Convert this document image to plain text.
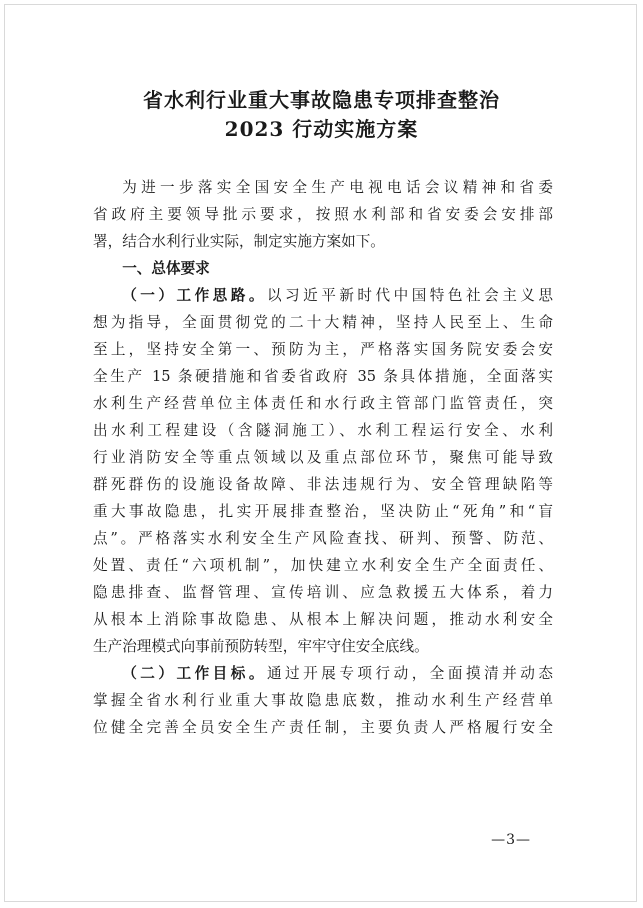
省水利行业重大事故隐患专项排查整治
2023 行动实施方案
为进一步落实全国安全生产电视电话会议精神和省委
省政府主要领导批示要求，按照水利部和省安委会安排部
署，结合水利行业实际，制定实施方案如下。
一、总体要求
（一）工作思路。以习近平新时代中国特色社会主义思
想为指导，全面贯彻党的二十大精神，坚持人民至上、生命
至上，坚持安全第一、预防为主，严格落实国务院安委会安
全生产 15 条硬措施和省委省政府 35 条具体措施，全面落实
水利生产经营单位主体责任和水行政主管部门监管责任，突
出水利工程建设（含隧洞施工）、水利工程运行安全、水利
行业消防安全等重点领域以及重点部位环节，聚焦可能导致
群死群伤的设施设备故障、非法违规行为、安全管理缺陷等
重大事故隐患，扎实开展排查整治，坚决防止“死角”和“盲
点”。严格落实水利安全生产风险查找、研判、预警、防范、
处置、责任“六项机制”，加快建立水利安全生产全面责任、
隐患排查、监督管理、宣传培训、应急救援五大体系，着力
从根本上消除事故隐患、从根本上解决问题，推动水利安全
生产治理模式向事前预防转型，牢牢守住安全底线。
（二）工作目标。通过开展专项行动，全面摸清并动态
掌握全省水利行业重大事故隐患底数，推动水利生产经营单
位健全完善全员安全生产责任制，主要负责人严格履行安全
—3—
